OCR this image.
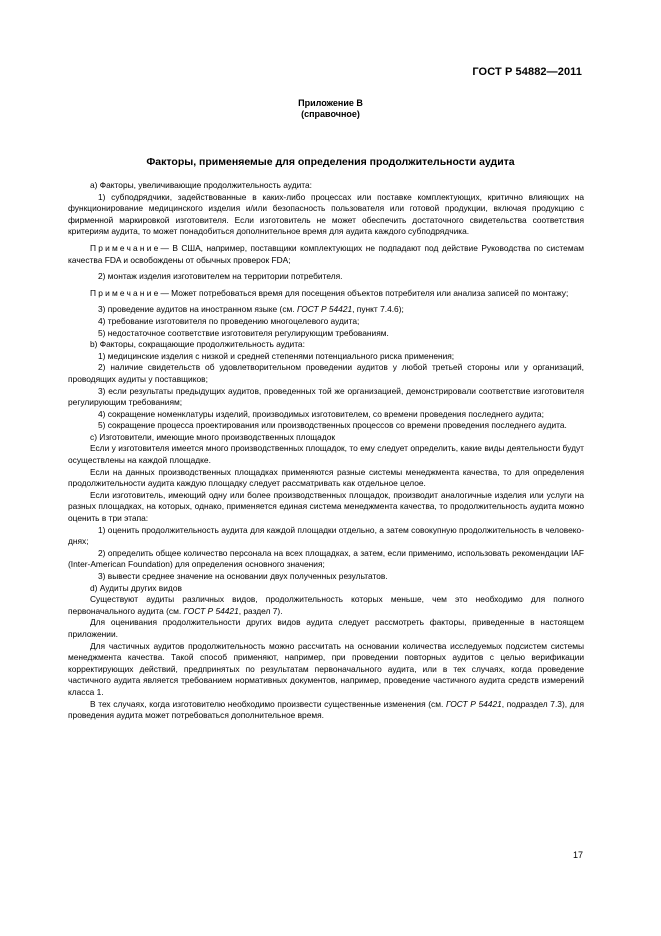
ГОСТ Р 54882—2011
Приложение В
(справочное)
Факторы, применяемые для определения продолжительности аудита

а) Факторы, увеличивающие продолжительность аудита:

1) субподрядчики, задействованные в каких-либо процессах или поставке комплектующих, критично влияющих на функционирование медицинского изделия и/или безопасность пользователя или готовой продукции, включая продукцию с фирменной маркировкой изготовителя. Если изготовитель не может обеспечить достаточного свидетельства соответствия критериям аудита, то может понадобиться дополнительное время для аудита каждого субподрядчика.

Примечание— В США, например, поставщики комплектующих не подпадают под действие Руководства по системам качества FDA и освобождены от обычных проверок FDA;

2) монтаж изделия изготовителем на территории потребителя.

Примечание— Может потребоваться время для посещения объектов потребителя или анализа записей по монтажу;

3) проведение аудитов на иностранном языке (см. ГОСТ Р 54421, пункт 7.4.6);

4) требование изготовителя по проведению многоцелевого аудита;

5) недостаточное соответствие изготовителя регулирующим требованиям.

b) Факторы, сокращающие продолжительность аудита:

1) медицинские изделия с низкой и средней степенями потенциального риска применения;

2) наличие свидетельств об удовлетворительном проведении аудитов у любой третьей стороны или у организаций, проводящих аудиты у поставщиков;

3) если результаты предыдущих аудитов, проведенных той же организацией, демонстрировали соответствие изготовителя регулирующим требованиям;

4) сокращение номенклатуры изделий, производимых изготовителем, со времени проведения последнего аудита;

5) сокращение процесса проектирования или производственных процессов со времени проведения последнего аудита.

с) Изготовители, имеющие много производственных площадок

Если у изготовителя имеется много производственных площадок, то ему следует определить, какие виды деятельности будут осуществлены на каждой площадке.

Если на данных производственных площадках применяются разные системы менеджмента качества, то для определения продолжительности аудита каждую площадку следует рассматривать как отдельное целое.

Если изготовитель, имеющий одну или более производственных площадок, производит аналогичные изделия или услуги на разных площадках, на которых, однако, применяется единая система менеджмента качества, то продолжительность аудита можно оценить в три этапа:

1) оценить продолжительность аудита для каждой площадки отдельно, а затем совокупную продолжительность в человеко-днях;

2) определить общее количество персонала на всех площадках, а затем, если применимо, использовать рекомендации IAF (Inter-American Foundation) для определения основного значения;

3) вывести среднее значение на основании двух полученных результатов.

d) Аудиты других видов

Существуют аудиты различных видов, продолжительность которых меньше, чем это необходимо для полного первоначального аудита (см. ГОСТ Р 54421, раздел 7).

Для оценивания продолжительности других видов аудита следует рассмотреть факторы, приведенные в настоящем приложении.

Для частичных аудитов продолжительность можно рассчитать на основании количества исследуемых подсистем системы менеджмента качества. Такой способ применяют, например, при проведении повторных аудитов с целью верификации корректирующих действий, предпринятых по результатам первоначального аудита, или в тех случаях, когда проведение частичного аудита является требованием нормативных документов, например, проведение частичного аудита средств измерений класса 1.

В тех случаях, когда изготовителю необходимо произвести существенные изменения (см. ГОСТ Р 54421, подраздел 7.3), для проведения аудита может потребоваться дополнительное время.

17
